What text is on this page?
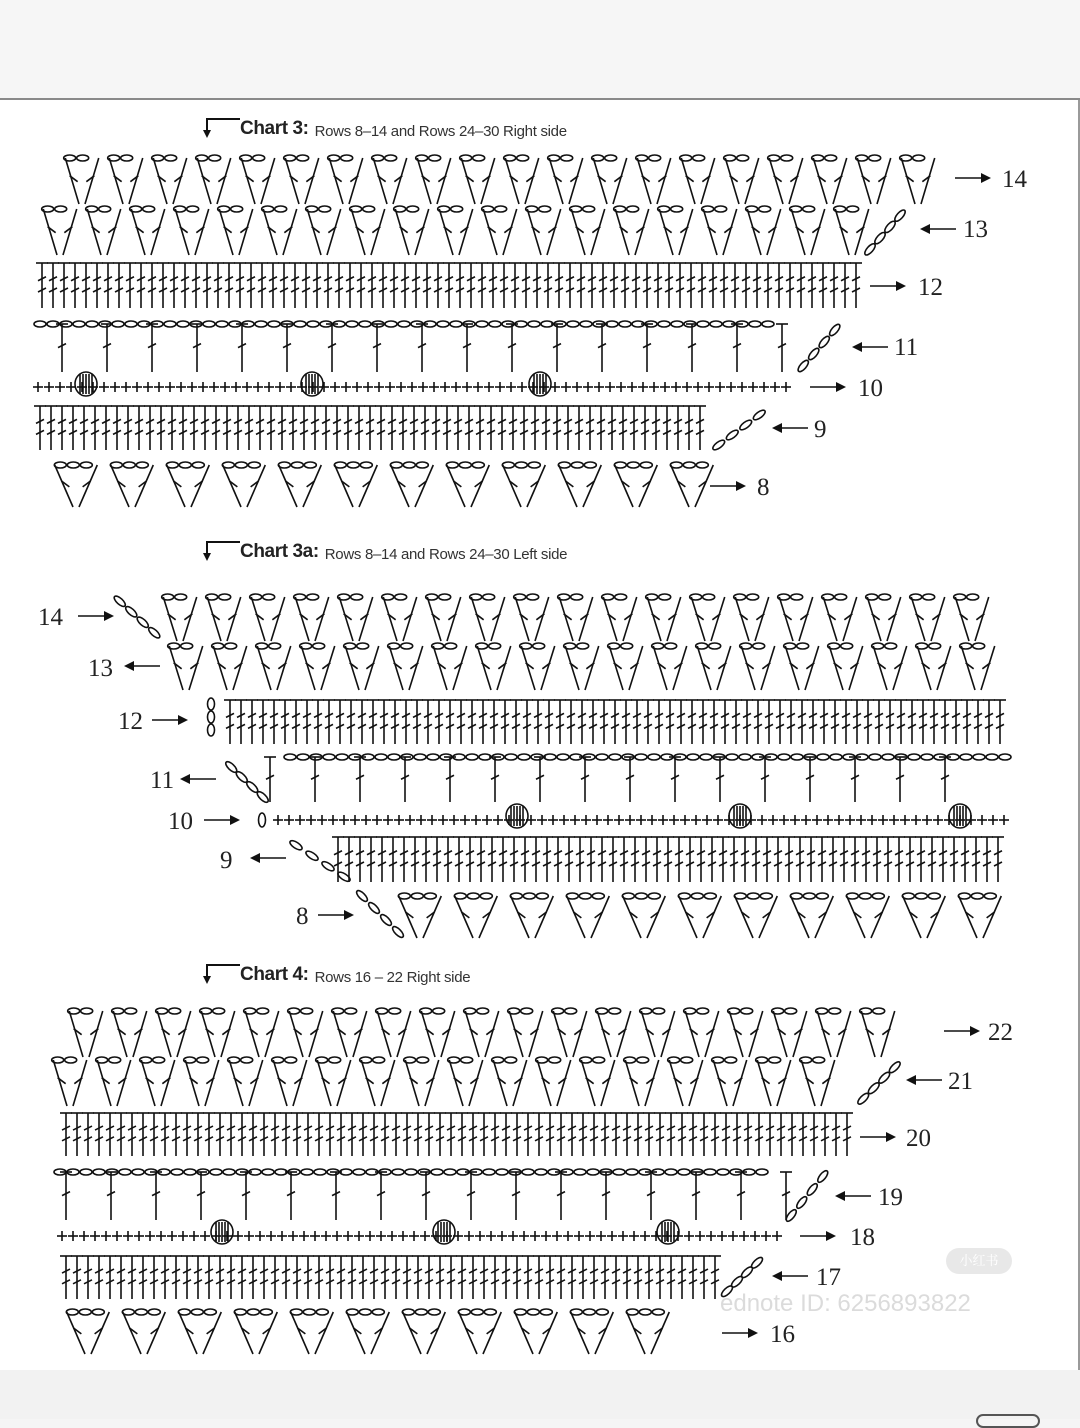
Chart 3: Rows 8–14 and Rows 24–30 Right side
Chart 3a: Rows 8–14 and Rows 24–30 Left side
Chart 4: Rows 16 – 22 Right side
14
13
12
11
10
9
8
14
13
12
11
10
9
8
22
21
20
19
18
17
16
小红书
ednote ID: 6256893822
